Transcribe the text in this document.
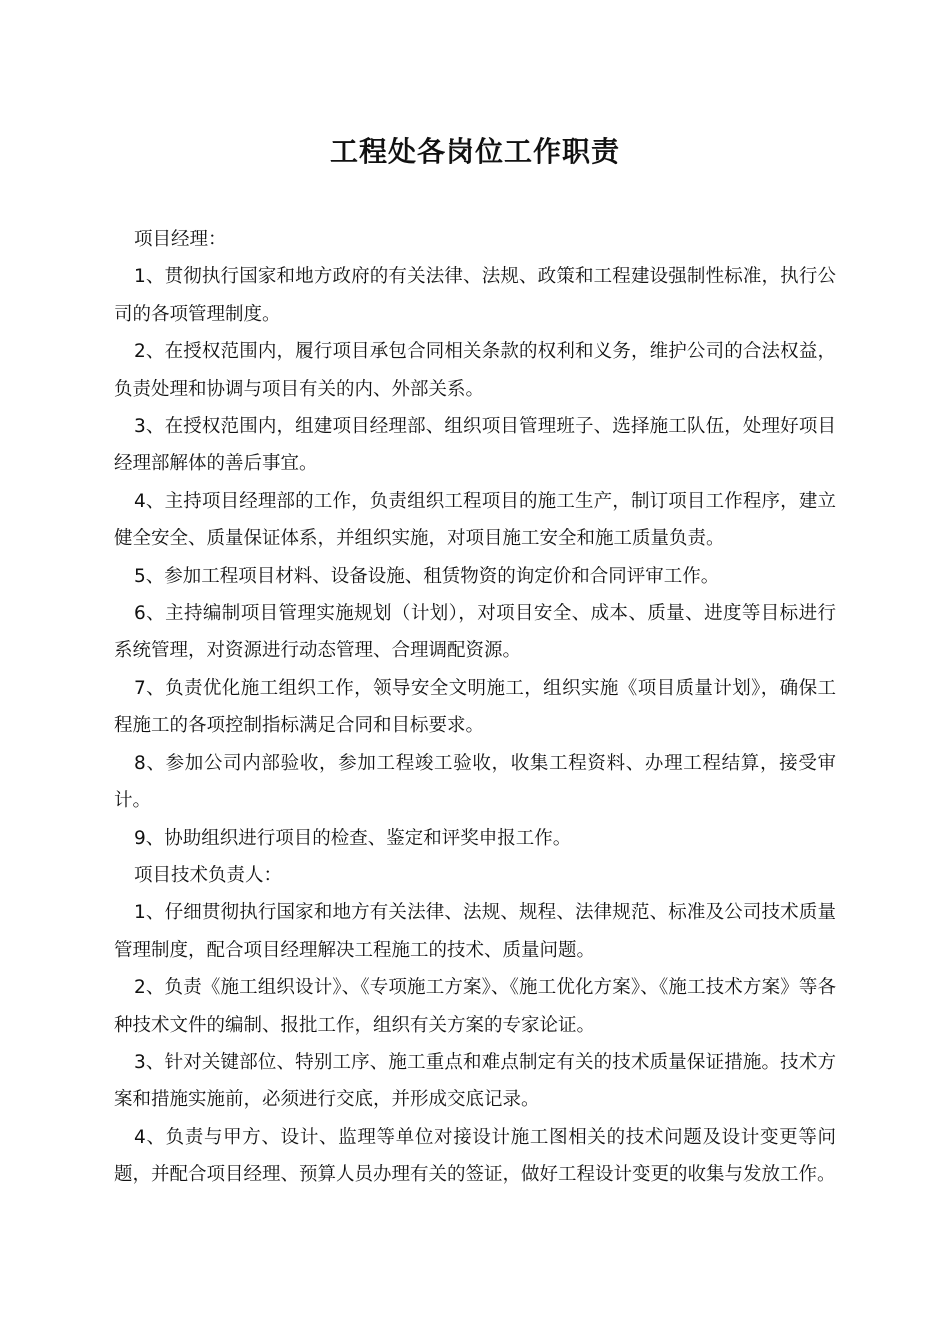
工程处各岗位工作职责

项目经理：

1、贯彻执行国家和地方政府的有关法律、法规、政策和工程建设强制性标准，执行公司的各项管理制度。

2、在授权范围内，履行项目承包合同相关条款的权利和义务，维护公司的合法权益，负责处理和协调与项目有关的内、外部关系。

3、在授权范围内，组建项目经理部、组织项目管理班子、选择施工队伍，处理好项目经理部解体的善后事宜。

4、主持项目经理部的工作，负责组织工程项目的施工生产，制订项目工作程序，建立健全安全、质量保证体系，并组织实施，对项目施工安全和施工质量负责。

5、参加工程项目材料、设备设施、租赁物资的询定价和合同评审工作。

6、主持编制项目管理实施规划（计划），对项目安全、成本、质量、进度等目标进行系统管理，对资源进行动态管理、合理调配资源。

7、负责优化施工组织工作，领导安全文明施工，组织实施《项目质量计划》，确保工程施工的各项控制指标满足合同和目标要求。

8、参加公司内部验收，参加工程竣工验收，收集工程资料、办理工程结算，接受审计。

9、协助组织进行项目的检查、鉴定和评奖申报工作。

项目技术负责人：

1、仔细贯彻执行国家和地方有关法律、法规、规程、法律规范、标准及公司技术质量管理制度，配合项目经理解决工程施工的技术、质量问题。

2、负责《施工组织设计》、《专项施工方案》、《施工优化方案》、《施工技术方案》等各种技术文件的编制、报批工作，组织有关方案的专家论证。

3、针对关键部位、特别工序、施工重点和难点制定有关的技术质量保证措施。技术方案和措施实施前，必须进行交底，并形成交底记录。

4、负责与甲方、设计、监理等单位对接设计施工图相关的技术问题及设计变更等问题，并配合项目经理、预算人员办理有关的签证，做好工程设计变更的收集与发放工作。
